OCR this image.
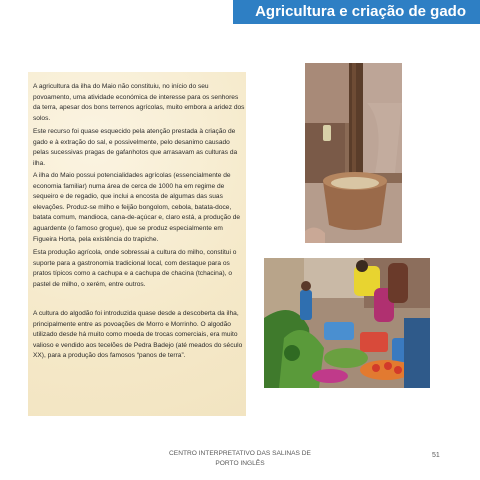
Agricultura e criação de gado

A agricultura da ilha do Maio não constituiu, no início do seu povoamento, uma atividade económica de interesse para os senhores da terra, apesar dos bons terrenos agrícolas, muito embora a aridez dos solos.

Este recurso foi quase esquecido pela atenção prestada à criação de gado e à extração do sal, e possivelmente, pelo desanimo causado pelas sucessivas pragas de gafanhotos que arrasavam as culturas da ilha.

A ilha do Maio possui potencialidades agrícolas (essencialmente de economia familiar) numa área de cerca de 1000 ha em regime de sequeiro e de regadio, que inclui a encosta de algumas das suas elevações. Produz-se milho e feijão bongolom, cebola, batata-doce, batata comum, mandioca, cana-de-açúcar e, claro está, a produção de aguardente (o famoso grogue), que se produz especialmente em Figueira Horta, pela existência do trapiche.

Esta produção agrícola, onde sobressai a cultura do milho, constitui o suporte para a gastronomia tradicional local, com destaque para os pratos típicos como a cachupa e a cachupa de chacina (tchacina), o pastel de milho, o xerém, entre outros.

A cultura do algodão foi introduzida quase desde a descoberta da ilha, principalmente entre as povoações de Morro e Morrinho. O algodão utilizado desde há muito como moeda de trocas comerciais, era muito valioso e vendido aos tecelões de Pedra Badejo (até meados do século XX), para a produção dos famosos “panos de terra”.

CENTRO INTERPRETATIVO DAS SALINAS DE
PORTO INGLÊS
51
